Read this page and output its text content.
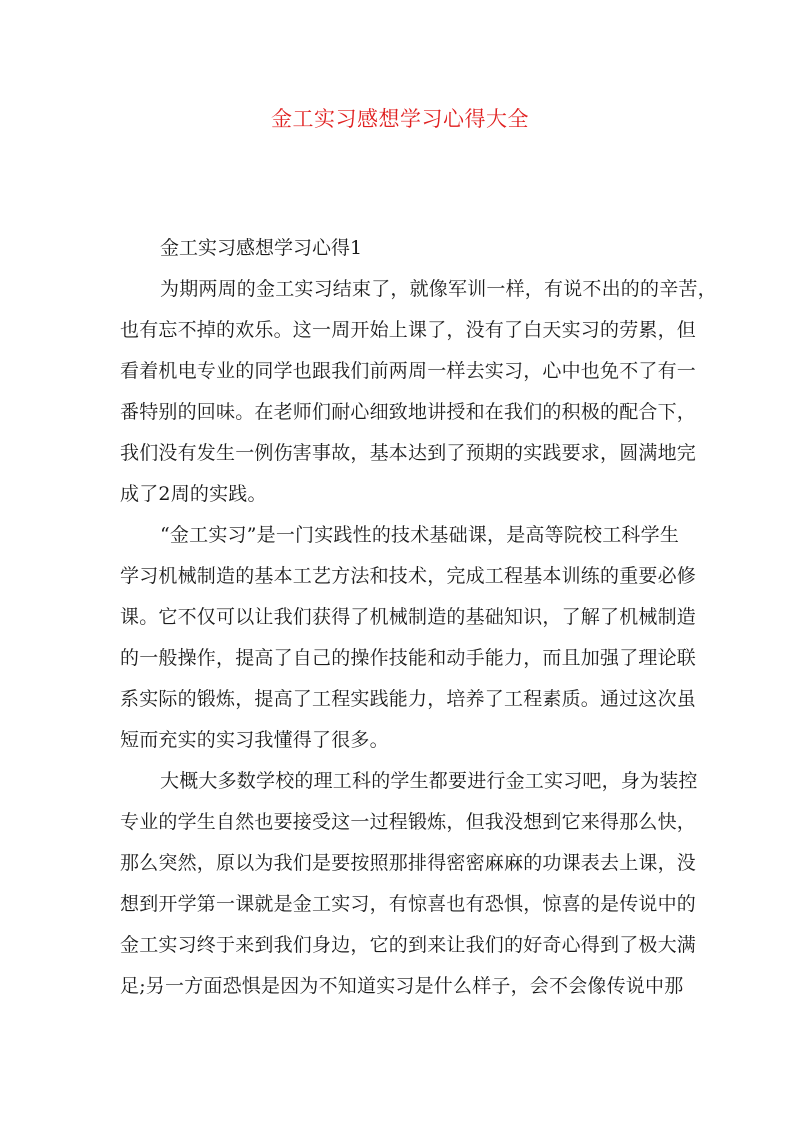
金工实习感想学习心得大全
金工实习感想学习心得1

为期两周的金工实习结束了，就像军训一样，有说不出的的辛苦，
也有忘不掉的欢乐。这一周开始上课了，没有了白天实习的劳累，但
看着机电专业的同学也跟我们前两周一样去实习，心中也免不了有一
番特别的回味。在老师们耐心细致地讲授和在我们的积极的配合下，
我们没有发生一例伤害事故，基本达到了预期的实践要求，圆满地完
成了2周的实践。

“金工实习”是一门实践性的技术基础课，是高等院校工科学生
学习机械制造的基本工艺方法和技术，完成工程基本训练的重要必修
课。它不仅可以让我们获得了机械制造的基础知识，了解了机械制造
的一般操作，提高了自己的操作技能和动手能力，而且加强了理论联
系实际的锻炼，提高了工程实践能力，培养了工程素质。通过这次虽
短而充实的实习我懂得了很多。

大概大多数学校的理工科的学生都要进行金工实习吧，身为装控
专业的学生自然也要接受这一过程锻炼，但我没想到它来得那么快，
那么突然，原以为我们是要按照那排得密密麻麻的功课表去上课，没
想到开学第一课就是金工实习，有惊喜也有恐惧，惊喜的是传说中的
金工实习终于来到我们身边，它的到来让我们的好奇心得到了极大满
足;另一方面恐惧是因为不知道实习是什么样子，会不会像传说中那
